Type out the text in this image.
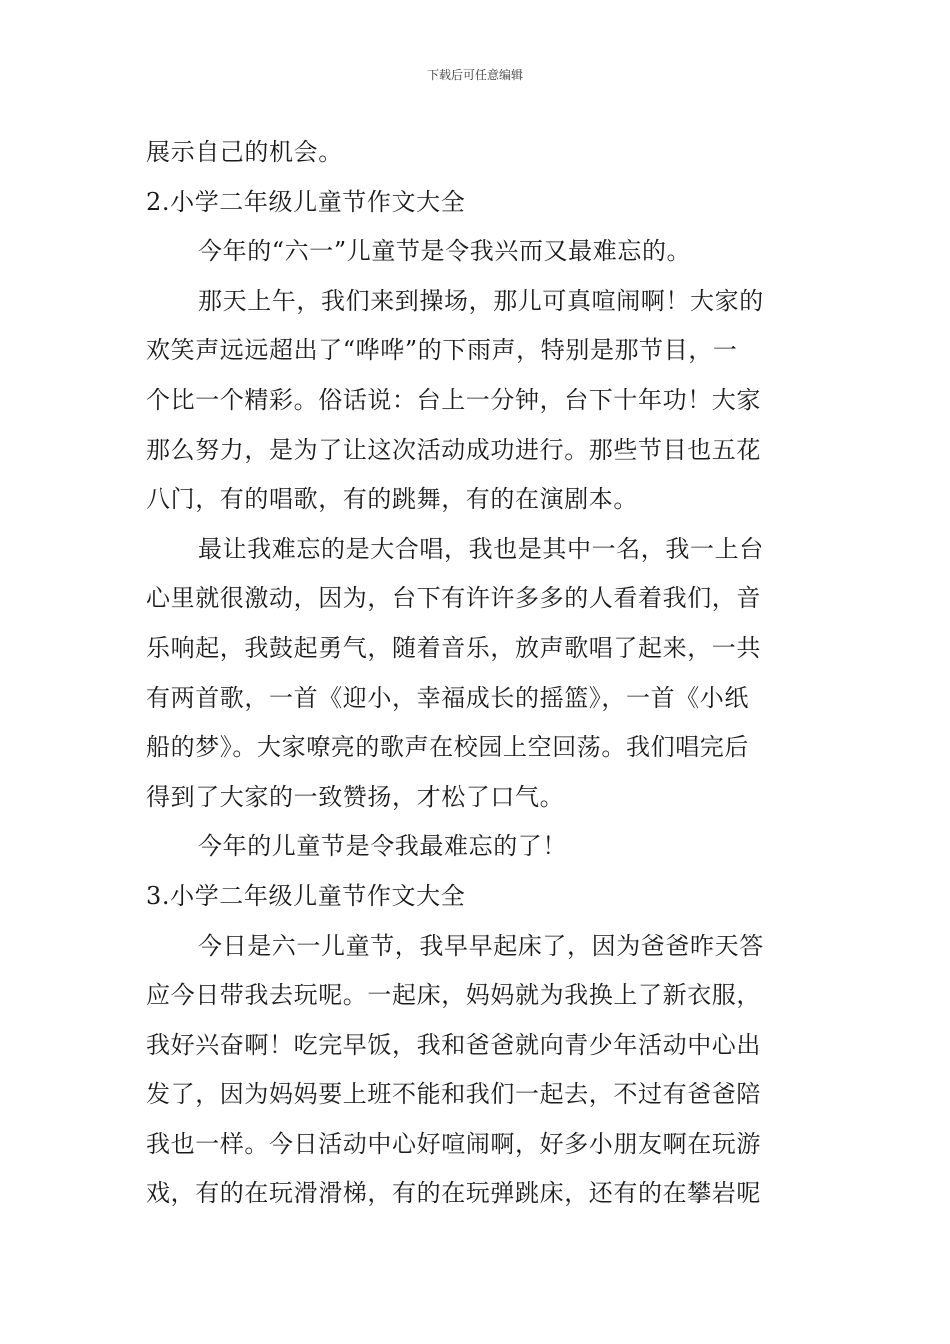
下载后可任意编辑
展示自己的机会。
2.小学二年级儿童节作文大全
今年的“六一”儿童节是令我兴而又最难忘的。
那天上午，我们来到操场，那儿可真喧闹啊！大家的
欢笑声远远超出了“哗哗”的下雨声，特别是那节目，一
个比一个精彩。俗话说：台上一分钟，台下十年功！大家
那么努力，是为了让这次活动成功进行。那些节目也五花
八门，有的唱歌，有的跳舞，有的在演剧本。
最让我难忘的是大合唱，我也是其中一名，我一上台
心里就很激动，因为，台下有许许多多的人看着我们，音
乐响起，我鼓起勇气，随着音乐，放声歌唱了起来，一共
有两首歌，一首《迎小，幸福成长的摇篮》，一首《小纸
船的梦》。大家嘹亮的歌声在校园上空回荡。我们唱完后
得到了大家的一致赞扬，才松了口气。
今年的儿童节是令我最难忘的了！
3.小学二年级儿童节作文大全
今日是六一儿童节，我早早起床了，因为爸爸昨天答
应今日带我去玩呢。一起床，妈妈就为我换上了新衣服，
我好兴奋啊！吃完早饭，我和爸爸就向青少年活动中心出
发了，因为妈妈要上班不能和我们一起去，不过有爸爸陪
我也一样。今日活动中心好喧闹啊，好多小朋友啊在玩游
戏，有的在玩滑滑梯，有的在玩弹跳床，还有的在攀岩呢
